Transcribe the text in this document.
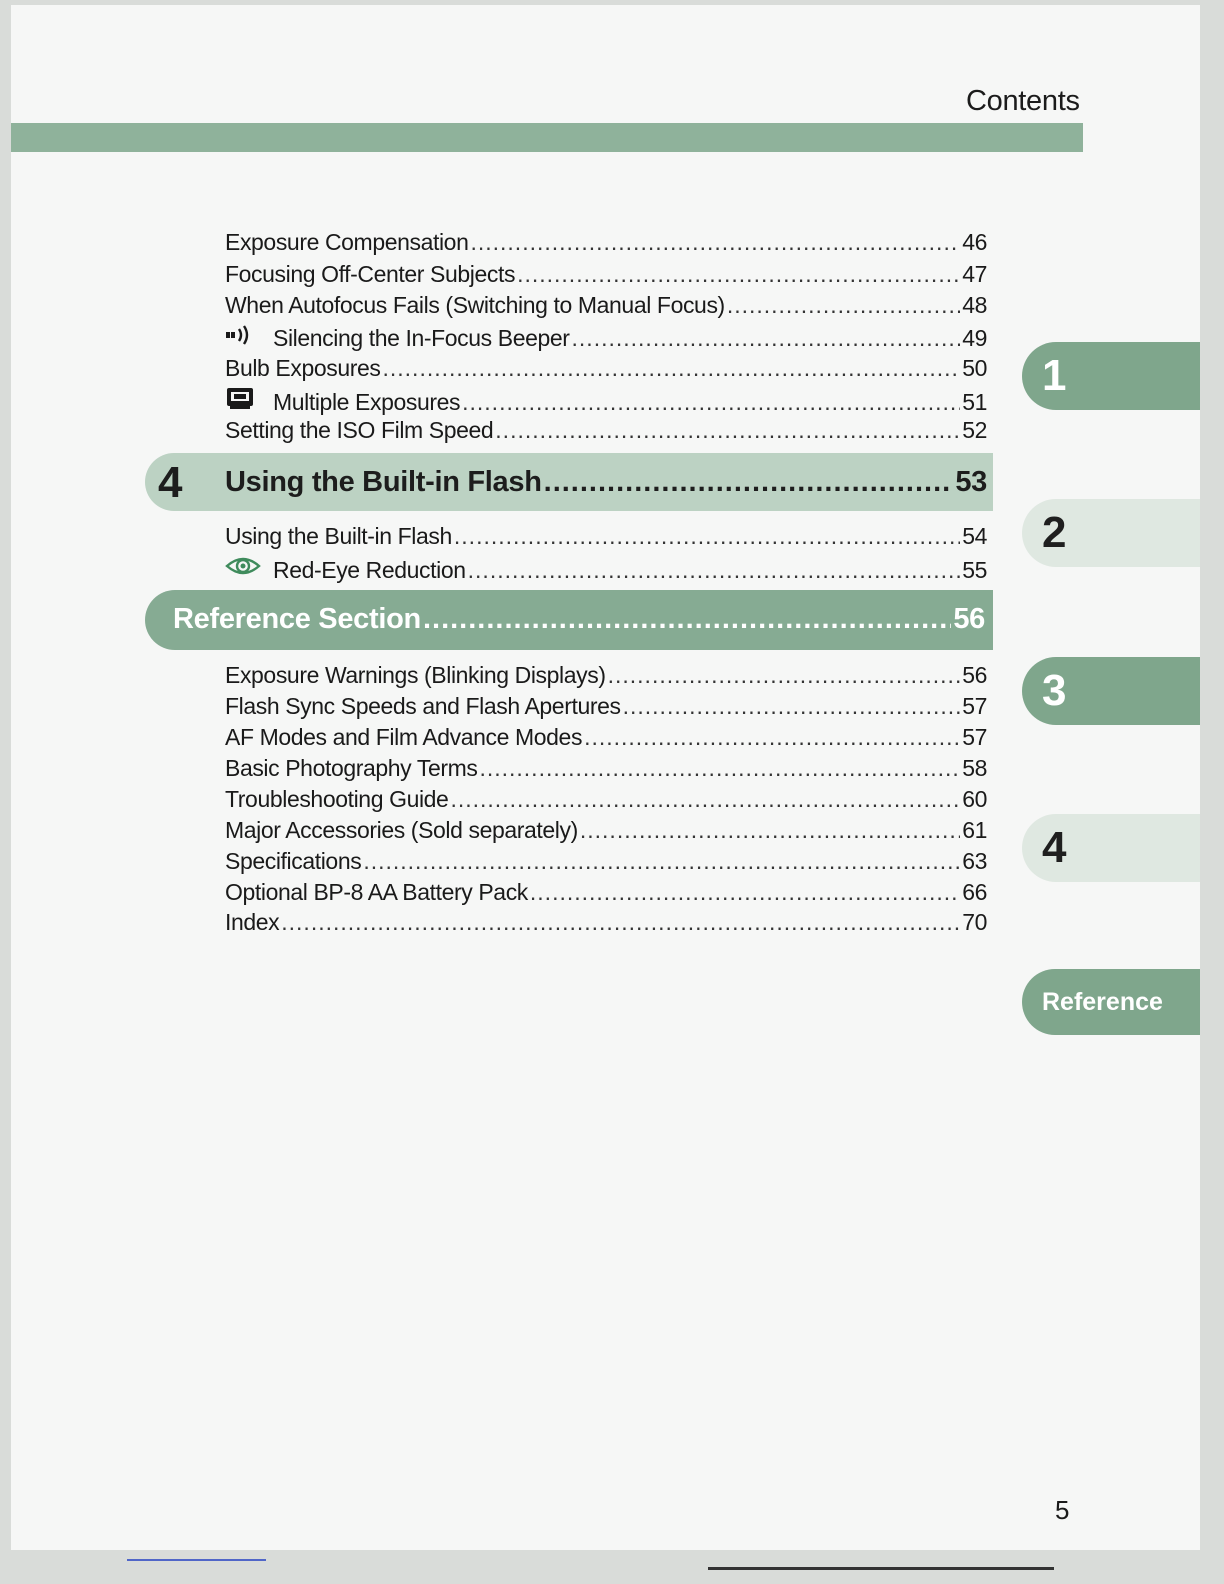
Contents
Exposure Compensation .....	46
Focusing Off-Center Subjects .....	47
When Autofocus Fails (Switching to Manual Focus) .....	48
Silencing the In-Focus Beeper .....	49
Bulb Exposures .....	50
Multiple Exposures .....	51
Setting the ISO Film Speed .....	52
4 Using the Built-in Flash .....	53
Using the Built-in Flash .....	54
Red-Eye Reduction .....	55
Reference Section .....	56
Exposure Warnings (Blinking Displays) .....	56
Flash Sync Speeds and Flash Apertures .....	57
AF Modes and Film Advance Modes .....	57
Basic Photography Terms .....	58
Troubleshooting Guide .....	60
Major Accessories (Sold separately) .....	61
Specifications .....	63
Optional BP-8 AA Battery Pack .....	66
Index .....	70
1
2
3
4
Reference
5
